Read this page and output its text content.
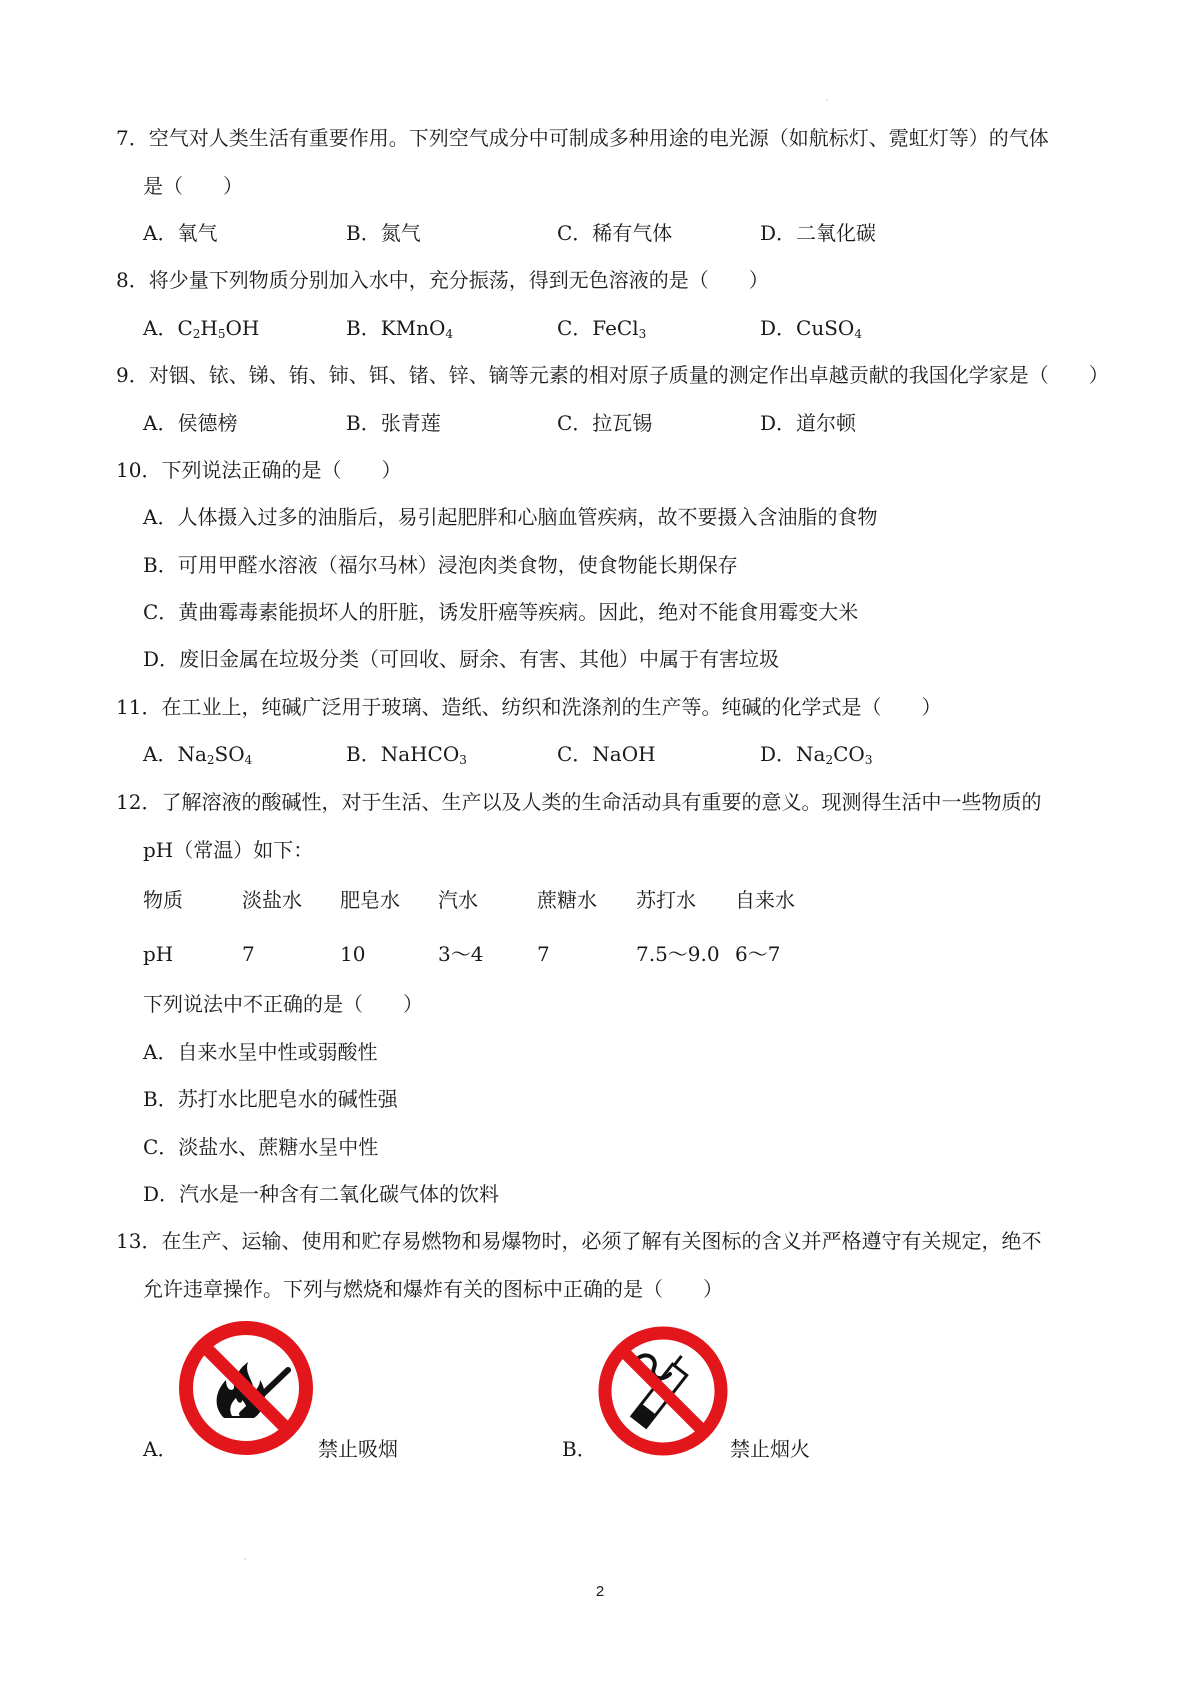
·
7．空气对人类生活有重要作用。下列空气成分中可制成多种用途的电光源（如航标灯、霓虹灯等）的气体
是（　　）
A．氧气	B．氮气	C．稀有气体	D．二氧化碳
8．将少量下列物质分别加入水中，充分振荡，得到无色溶液的是（　　）
A．$C_2H_5OH$	B．KMnO$_4$	C．FeCl$_3$	D．CuSO$_4$
9．对铟、铱、锑、铕、铈、铒、锗、锌、镝等元素的相对原子质量的测定作出卓越贡献的我国化学家是（　　）
A．侯德榜	B．张青莲	C．拉瓦锡	D．道尔顿
10．下列说法正确的是（　　）
A．人体摄入过多的油脂后，易引起肥胖和心脑血管疾病，故不要摄入含油脂的食物
B．可用甲醛水溶液（福尔马林）浸泡肉类食物，使食物能长期保存
C．黄曲霉毒素能损坏人的肝脏，诱发肝癌等疾病。因此，绝对不能食用霉变大米
D．废旧金属在垃圾分类（可回收、厨余、有害、其他）中属于有害垃圾
11．在工业上，纯碱广泛用于玻璃、造纸、纺织和洗涤剂的生产等。纯碱的化学式是（　　）
A．$Na_2SO_4$	B．NaHCO$_3$	C．NaOH	D．$Na_2CO_3$
12．了解溶液的酸碱性，对于生活、生产以及人类的生命活动具有重要的意义。现测得生活中一些物质的
pH（常温）如下：
物质	淡盐水 肥皂水 汽水	蔗糖水 苏打水 自来水
pH	7	10	3～4	7	7.5～9.0 6～7
下列说法中不正确的是（　　）
A．自来水呈中性或弱酸性
B．苏打水比肥皂水的碱性强
C．淡盐水、蔗糖水呈中性
D．汽水是一种含有二氧化碳气体的饮料
13．在生产、运输、使用和贮存易燃物和易爆物时，必须了解有关图标的含义并严格遵守有关规定，绝不
允许违章操作。下列与燃烧和爆炸有关的图标中正确的是（　　）
A．	禁止吸烟	B．	禁止烟火
·
2
